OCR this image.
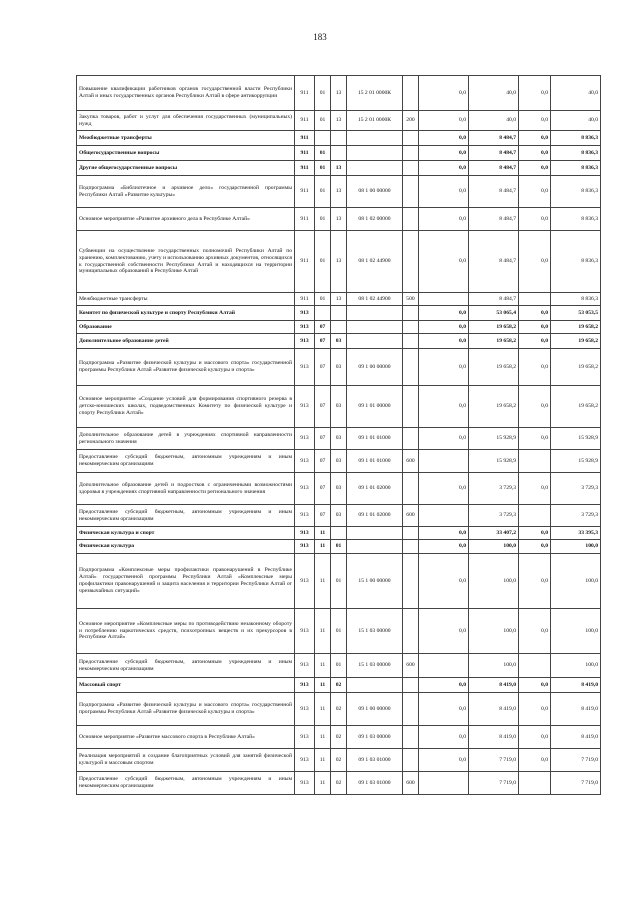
183
Повышение квалификации работников органов государственной власти Республики Алтай и иных государственных органов Республики Алтай в сфере антикоррупции	911	01	13	15 2 01 0000К		0,0	40,0	0,0	40,0
Закупка товаров, работ и услуг для обеспечения государственных (муниципальных) нужд	911	01	13	15 2 01 0000К	200	0,0	40,0	0,0	40,0
Межбюджетные трансферты	911					0,0	8 484,7	0,0	8 836,3
Общегосударственные вопросы	911	01				0,0	8 484,7	0,0	8 836,3
Другие общегосударственные вопросы	911	01	13			0,0	8 484,7	0,0	8 836,3
Подпрограмма «Библиотечное и архивное дело» государственной программы Республики Алтай «Развитие культуры»	911	01	13	08 1 00 00000		0,0	8 484,7	0,0	8 836,3
Основное мероприятие «Развитие архивного дела в Республике Алтай»	911	01	13	08 1 02 00000		0,0	8 484,7	0,0	8 836,3
Субвенции на осуществление государственных полномочий Республики Алтай по хранению, комплектованию, учету и использованию архивных документов, относящихся к государственной собственности Республики Алтай и находящихся на территории муниципальных образований в Республике Алтай	911	01	13	08 1 02 44900		0,0	8 484,7	0,0	8 836,3
Межбюджетные трансферты	911	01	13	08 1 02 44900	500		8 484,7		8 836,3
Комитет по физической культуре и спорту Республики Алтай	913					0,0	53 065,4	0,0	53 053,5
Образование	913	07				0,0	19 658,2	0,0	19 658,2
Дополнительное образование детей	913	07	03			0,0	19 658,2	0,0	19 658,2
Подпрограмма «Развитие физической культуры и массового спорта» государственной программы Республики Алтай «Развитие физической культуры и спорта»	913	07	03	09 1 00 00000		0,0	19 658,2	0,0	19 658,2
Основное мероприятие «Создание условий для формирования спортивного резерва в детско-юношеских школах, подведомственных Комитету по физической культуре и спорту Республики Алтай»	913	07	03	09 1 01 00000		0,0	19 658,2	0,0	19 658,2
Дополнительное образование детей в учреждениях спортивной направленности регионального значения	913	07	03	09 1 01 01000		0,0	15 928,9	0,0	15 928,9
Предоставление субсидий бюджетным, автономным учреждениям и иным некоммерческим организациям	913	07	03	09 1 01 01000	600		15 928,9		15 928,9
Дополнительное образование детей и подростков с ограниченными возможностями здоровья в учреждениях спортивной направленности регионального значения	913	07	03	09 1 01 02000		0,0	3 729,3	0,0	3 729,3
Предоставление субсидий бюджетным, автономным учреждениям и иным некоммерческим организациям	913	07	03	09 1 01 02000	600		3 729,3		3 729,3
Физическая культура и спорт	913	11				0,0	33 407,2	0,0	33 395,3
Физическая культура	913	11	01			0,0	100,0	0,0	100,0
Подпрограмма «Комплексные меры профилактики правонарушений в Республике Алтай» государственной программы Республики Алтай «Комплексные меры профилактики правонарушений и защита населения и территории Республики Алтай от чрезвычайных ситуаций»	913	11	01	15 1 00 00000		0,0	100,0	0,0	100,0
Основное мероприятие «Комплексные меры по противодействию незаконному обороту и потреблению наркотических средств, психотропных веществ и их прекурсоров в Республике Алтай»	913	11	01	15 1 03 00000		0,0	100,0	0,0	100,0
Предоставление субсидий бюджетным, автономным учреждениям и иным некоммерческим организациям	913	11	01	15 1 03 00000	600		100,0		100,0
Массовый спорт	913	11	02			0,0	8 419,0	0,0	8 419,0
Подпрограмма «Развитие физической культуры и массового спорта» государственной программы Республики Алтай «Развитие физической культуры и спорта»	913	11	02	09 1 00 00000		0,0	8 419,0	0,0	8 419,0
Основное мероприятие «Развитие массового спорта в Республике Алтай»	913	11	02	09 1 03 00000		0,0	8 419,0	0,0	8 419,0
Реализация мероприятий и создание благоприятных условий для занятий физической культурой и массовым спортом	913	11	02	09 1 03 01000		0,0	7 719,0	0,0	7 719,0
Предоставление субсидий бюджетным, автономным учреждениям и иным некоммерческим организациям	913	11	02	09 1 03 01000	600		7 719,0		7 719,0
